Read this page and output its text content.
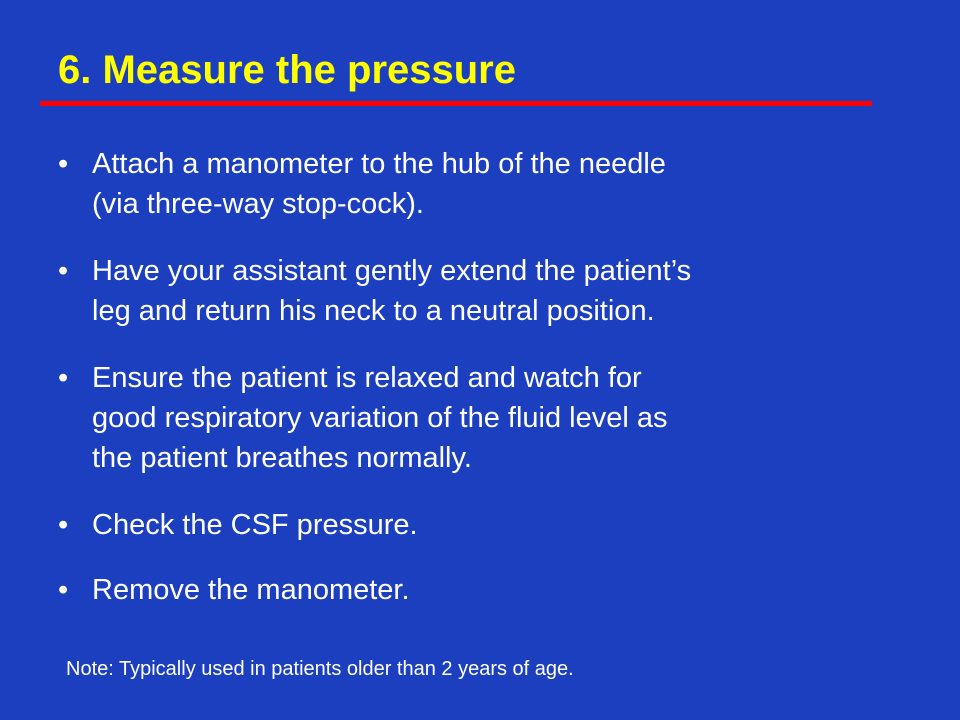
6. Measure the pressure
• Attach a manometer to the hub of the needle
(via three-way stop-cock).
• Have your assistant gently extend the patient’s
leg and return his neck to a neutral position.
• Ensure the patient is relaxed and watch for
good respiratory variation of the fluid level as
the patient breathes normally.
• Check the CSF pressure.
• Remove the manometer.
Note: Typically used in patients older than 2 years of age.
